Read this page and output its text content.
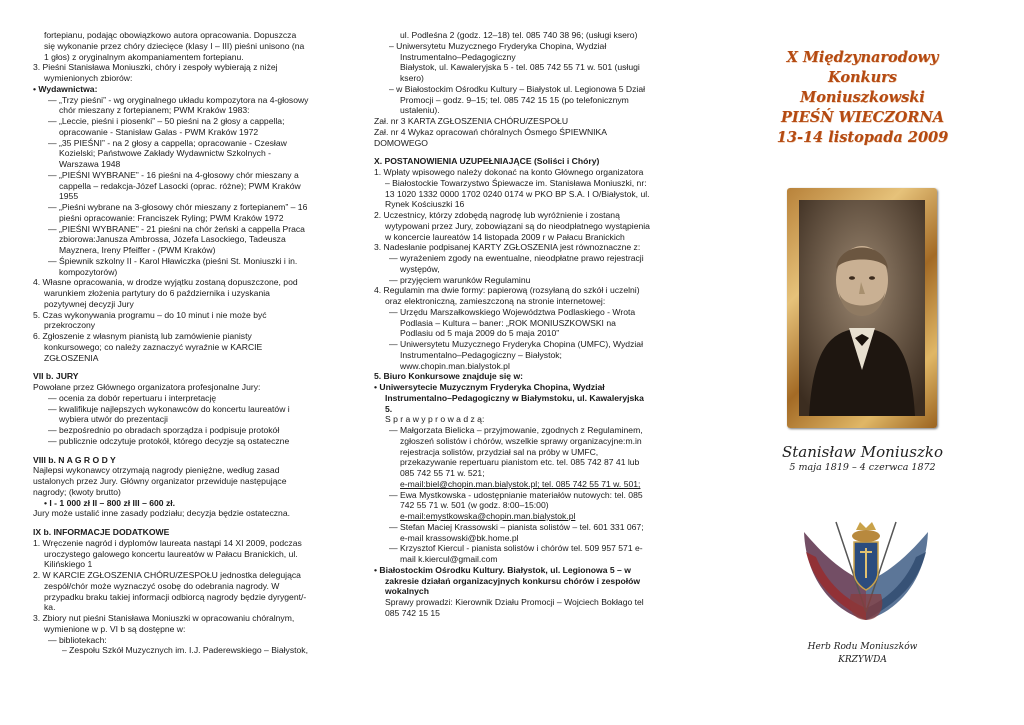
fortepianu, podając obowiązkowo autora opracowania. Dopuszcza się wykonanie przez chóry dziecięce (klasy I – III) pieśni unisono (na 1 głos) z oryginalnym akompaniamentem fortepianu.

3. Pieśni Stanisława Moniuszki, chóry i zespoły wybierają z niżej wymienionych zbiorów:

• Wydawnictwa:

— „Trzy pieśni” - wg oryginalnego układu kompozytora na 4-głosowy chór mieszany z fortepianem; PWM Kraków 1983:

— „Leccie, pieśni i piosenki” – 50 pieśni na 2 głosy a cappella; opracowanie - Stanisław Galas - PWM Kraków 1972

— „35 PIEŚNI” - na 2 głosy a cappella; opracowanie - Czesław Kozielski; Państwowe Zakłady Wydawnictw Szkolnych - Warszawa 1948

— „PIEŚNI WYBRANE” - 16 pieśni na 4-głosowy chór mieszany a cappella – redakcja-Józef Lasocki (oprac. różne); PWM Kraków 1955

— „Pieśni wybrane na 3-głosowy chór mieszany z fortepianem” – 16 pieśni opracowanie: Franciszek Ryling; PWM Kraków 1972

— „PIEŚNI WYBRANE” - 21 pieśni na chór żeński a cappella Praca zbiorowa:Janusza Ambrossa, Józefa Lasockiego, Tadeusza Mayznera, Ireny Pfeiffer - (PWM Kraków)

— Śpiewnik szkolny II - Karol Hławiczka (pieśni St. Moniuszki i in. kompozytorów)

4. Własne opracowania, w drodze wyjątku zostaną dopuszczone, pod warunkiem złożenia partytury do 6 października i uzyskania pozytywnej decyzji Jury

5. Czas wykonywania programu – do 10 minut i nie może być przekroczony

6. Zgłoszenie z własnym pianistą lub zamówienie pianisty konkursowego; co należy zaznaczyć wyraźnie w KARCIE ZGŁOSZENIA

VII b. JURY

Powołane przez Głównego organizatora profesjonalne Jury:

— ocenia za dobór repertuaru i interpretację

— kwalifikuje najlepszych wykonawców do koncertu laureatów i wybiera utwór do prezentacji

— bezpośrednio po obradach sporządza i podpisuje protokół

— publicznie odczytuje protokół, którego decyzje są ostateczne

VIII b. N A G R O D Y

Najlepsi wykonawcy otrzymają nagrody pieniężne, według zasad ustalonych przez Jury. Główny organizator przewiduje następujące nagrody; (kwoty brutto)

• I - 1 000 zł II – 800 zł III – 600 zł.

Jury może ustalić inne zasady podziału; decyzja będzie ostateczna.

IX b. INFORMACJE DODATKOWE

1. Wręczenie nagród i dyplomów laureata nastąpi 14 XI 2009, podczas uroczystego galowego koncertu laureatów w Pałacu Branickich, ul. Kilińskiego 1

2. W KARCIE ZGŁOSZENIA CHÓRU/ZESPOŁU jednostka delegująca zespół/chór może wyznaczyć osobę do odebrania nagrody. W przypadku braku takiej informacji odbiorcą nagrody będzie dyrygent/-ka.

3. Zbiory nut pieśni Stanisława Moniuszki w opracowaniu chóralnym, wymienione w p. VI b są dostępne w:

— bibliotekach:

– Zespołu Szkół Muzycznych im. I.J. Paderewskiego – Białystok,

ul. Podleśna 2 (godz. 12–18) tel. 085 740 38 96; (usługi ksero)

– Uniwersytetu Muzycznego Fryderyka Chopina, Wydział Instrumentalno–Pedagogiczny

Białystok, ul. Kawaleryjska 5 - tel. 085 742 55 71 w. 501 (usługi ksero)

– w Białostockim Ośrodku Kultury – Białystok ul. Legionowa 5 Dział Promocji – godz. 9–15; tel. 085 742 15 15 (po telefonicznym ustaleniu).

Zał. nr 3 KARTA ZGŁOSZENIA CHÓRU/ZESPOŁU

Zał. nr 4 Wykaz opracowań chóralnych Ósmego ŚPIEWNIKA DOMOWEGO

X. POSTANOWIENIA UZUPEŁNIAJĄCE (Soliści i Chóry)

1. Wpłaty wpisowego należy dokonać na konto Głównego organizatora – Białostockie Towarzystwo Śpiewacze im. Stanisława Moniuszki, nr: 13 1020 1332 0000 1702 0240 0174 w PKO BP S.A. I O/Białystok, ul. Rynek Kościuszki 16

2. Uczestnicy, którzy zdobędą nagrodę lub wyróżnienie i zostaną wytypowani przez Jury, zobowiązani są do nieodpłatnego wystąpienia w koncercie laureatów 14 listopada 2009 r w Pałacu Branickich

3. Nadesłanie podpisanej KARTY ZGŁOSZENIA jest równoznaczne z:

— wyrażeniem zgody na ewentualne, nieodpłatne prawo rejestracji występów,

— przyjęciem warunków Regulaminu

4. Regulamin ma dwie formy: papierową (rozsyłaną do szkół i uczelni) oraz elektroniczną, zamieszczoną na stronie internetowej:

— Urzędu Marszałkowskiego Województwa Podlaskiego - Wrota Podlasia – Kultura – baner: „ROK MONIUSZKOWSKI na Podlasiu od 5 maja 2009 do 5 maja 2010”

— Uniwersytetu Muzycznego Fryderyka Chopina (UMFC), Wydział Instrumentalno–Pedagogiczny – Białystok; www.chopin.man.bialystok.pl

5. Biuro Konkursowe znajduje się w:

• Uniwersytecie Muzycznym Fryderyka Chopina, Wydział Instrumentalno–Pedagogiczny w Białymstoku, ul. Kawaleryjska 5.

S p r a w y p r o w a d z ą:

— Małgorzata Bielicka – przyjmowanie, zgodnych z Regulaminem, zgłoszeń solistów i chórów, wszelkie sprawy organizacyjne:m.in rejestracja solistów, przydział sal na próby w UMFC, przekazywanie repertuaru pianistom etc. tel. 085 742 87 41 lub 085 742 55 71 w. 521;

e-mail:biel@chopin.man.bialystok.pl; tel. 085 742 55 71 w. 501;

— Ewa Mystkowska - udostępnianie materiałów nutowych: tel. 085 742 55 71 w. 501 (w godz. 8:00–15:00)

e-mail:emystkowska@chopin.man.bialystok.pl

— Stefan Maciej Krassowski – pianista solistów – tel. 601 331 067; e-mail krassowski@bk.home.pl

— Krzysztof Kiercul - pianista solistów i chórów tel. 509 957 571 e-mail k.kiercul@gmail.com

• Białostockim Ośrodku Kultury. Białystok, ul. Legionowa 5 – w zakresie działań organizacyjnych konkursu chórów i zespołów wokalnych

Sprawy prowadzi: Kierownik Działu Promocji – Wojciech Bokłago tel 085 742 15 15

X Międzynarodowy
Konkurs Moniuszkowski
PIEŚŃ WIECZORNA
13-14 listopada 2009
Stanisław Moniuszko
5 maja 1819 – 4 czerwca 1872
Herb Rodu Moniuszków
KRZYWDA
